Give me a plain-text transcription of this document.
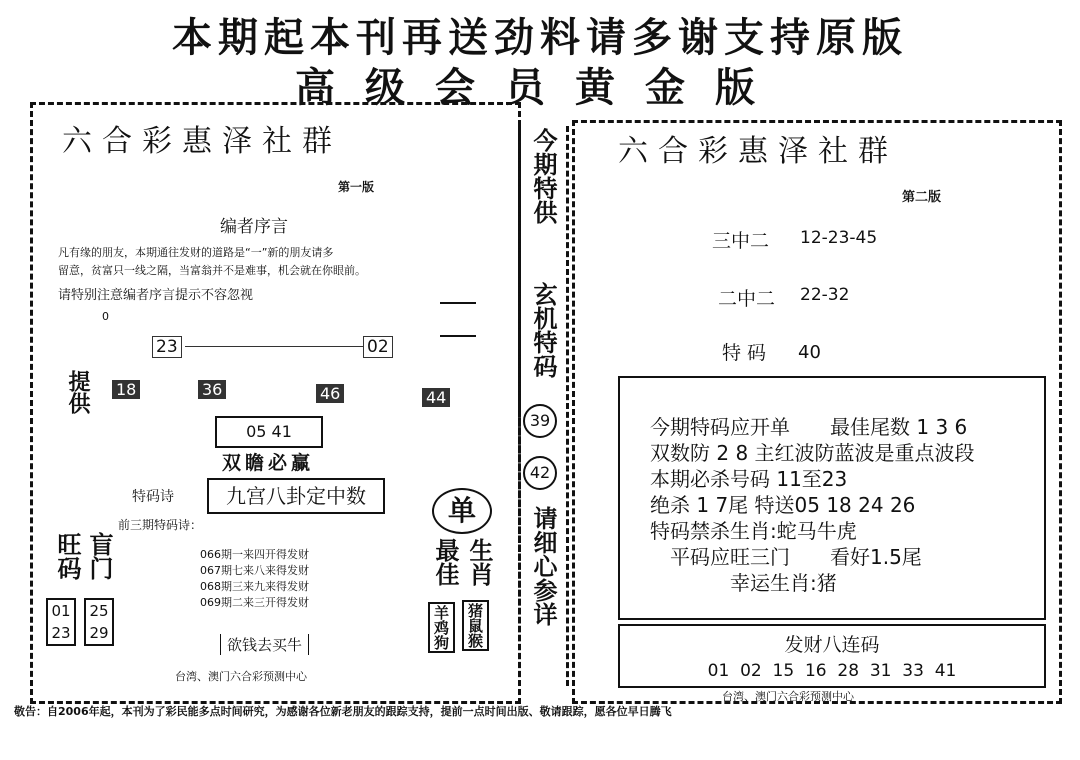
本期起本刊再送劲料请多谢支持原版
高级会员黄金版
六合彩惠泽社群
第一版
编者序言
凡有缘的朋友，本期通往发财的道路是“一”新的朋友请多
留意，贫富只一线之隔，当富翁并不是难事，机会就在你眼前。
请特别注意编者序言提示不容忽视
0
23	02
提供 18	36	46	44
05 41
双瞻必赢
特码诗	九宫八卦定中数
前三期特码诗：
066期一来四开得发财
067期七来八来得发财
068期三来九来得发财
069期二来三开得发财
旺码 盲门
01
23
25
29
欲钱去买牛
台湾、澳门六合彩预测中心
单
最佳 生肖
羊鸡狗	猪鼠猴
今期特供
玄机特码
39
42
请细心参详
六合彩惠泽社群
第二版
三中二 12-23-45
二中二 22-32
特 码 40
今期特码应开单　　最佳尾数 1 3 6
双数防 2 8 主红波防蓝波是重点波段
本期必杀号码 11至23
绝杀 1 7尾 特送05 18 24 26
特码禁杀生肖:蛇马牛虎
　平码应旺三门　　看好1.5尾
　　　　幸运生肖:猪
发财八连码
01  02  15  16  28  31  33  41
台湾、澳门六合彩预测中心
敬告：自2006年起，本刊为了彩民能多点时间研究，为感谢各位新老朋友的跟踪支持，提前一点时间出版、敬请跟踪，愿各位早日腾飞
